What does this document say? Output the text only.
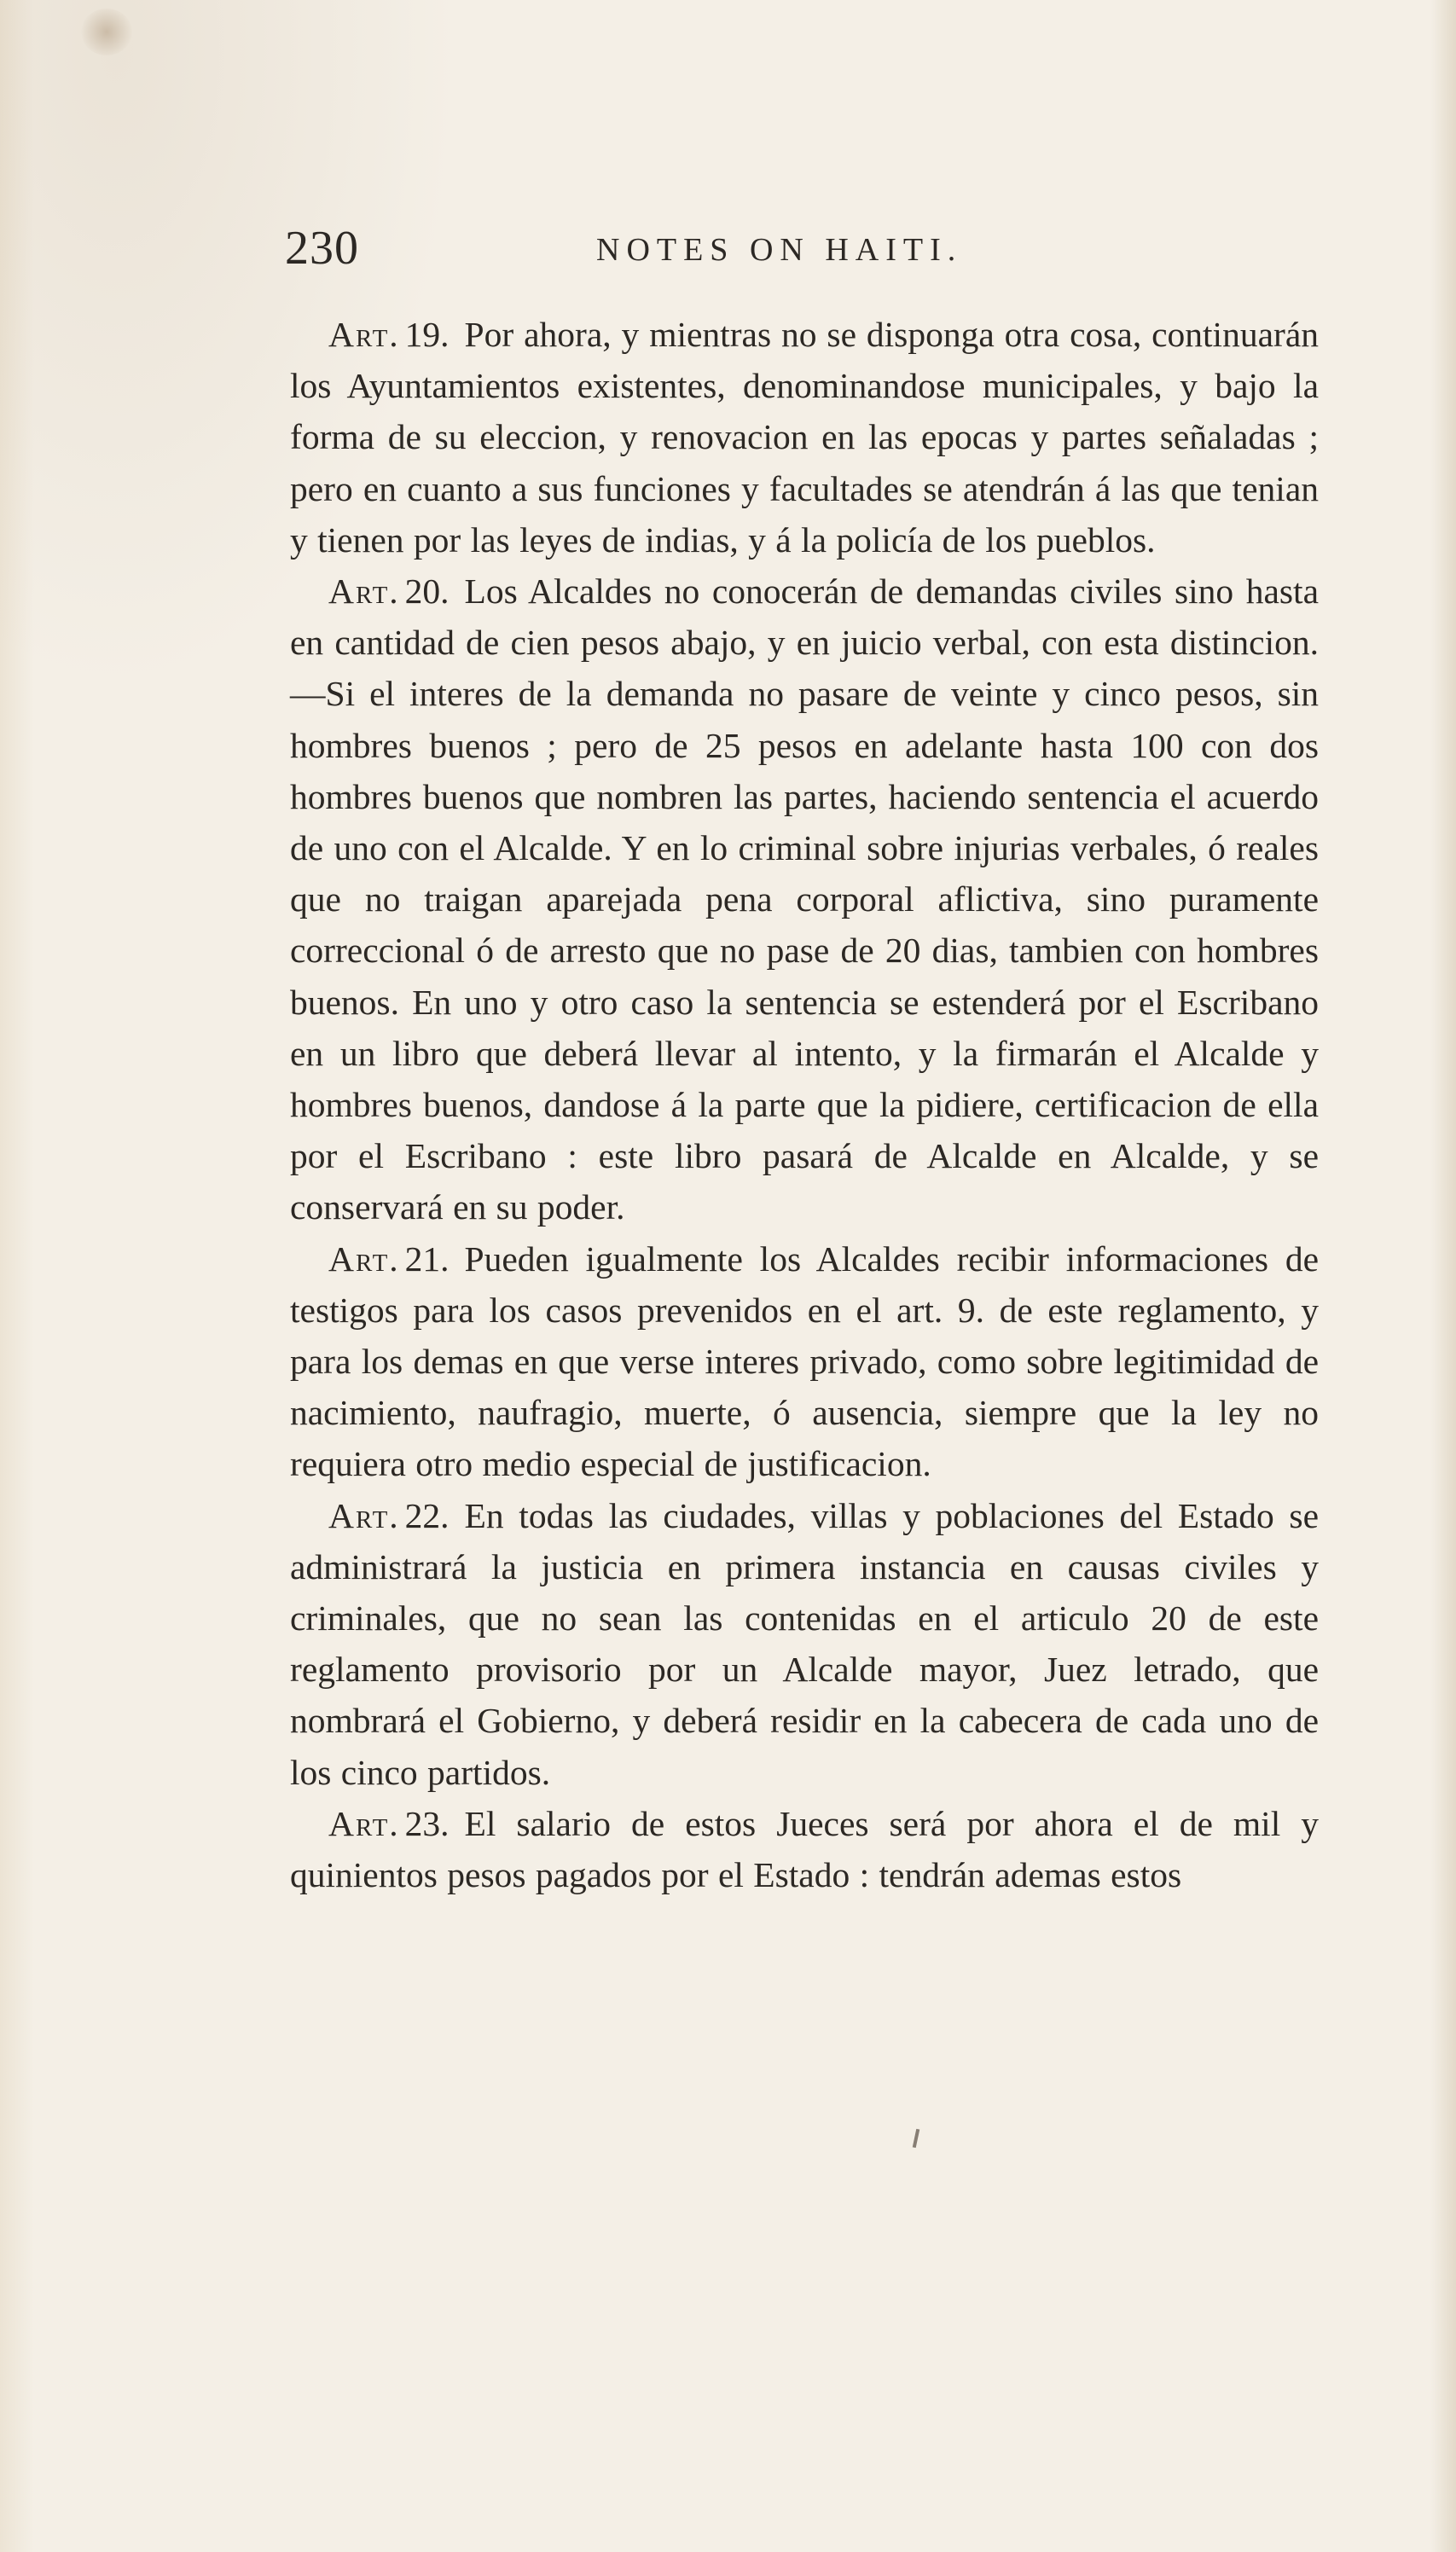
230	NOTES ON HAITI.

Art. 19. Por ahora, y mientras no se disponga otra cosa, continuarán los Ayuntamientos existentes, denominandose municipales, y bajo la forma de su eleccion, y renovacion en las epocas y partes señaladas ; pero en cuanto a sus funciones y facultades se atendrán á las que tenian y tienen por las leyes de indias, y á la policía de los pueblos.

Art. 20. Los Alcaldes no conocerán de demandas civiles sino hasta en cantidad de cien pesos abajo, y en juicio verbal, con esta distincion.—Si el interes de la demanda no pasare de veinte y cinco pesos, sin hombres buenos ; pero de 25 pesos en adelante hasta 100 con dos hombres buenos que nombren las partes, haciendo sentencia el acuerdo de uno con el Alcalde. Y en lo criminal sobre injurias verbales, ó reales que no traigan aparejada pena corporal aflictiva, sino puramente correccional ó de arresto que no pase de 20 dias, tambien con hombres buenos. En uno y otro caso la sentencia se estenderá por el Escribano en un libro que deberá llevar al intento, y la firmarán el Alcalde y hombres buenos, dandose á la parte que la pidiere, certificacion de ella por el Escribano : este libro pasará de Alcalde en Alcalde, y se conservará en su poder.

Art. 21. Pueden igualmente los Alcaldes recibir informaciones de testigos para los casos prevenidos en el art. 9. de este reglamento, y para los demas en que verse interes privado, como sobre legitimidad de nacimiento, naufragio, muerte, ó ausencia, siempre que la ley no requiera otro medio especial de justificacion.

Art. 22. En todas las ciudades, villas y poblaciones del Estado se administrará la justicia en primera instancia en causas civiles y criminales, que no sean las contenidas en el articulo 20 de este reglamento provisorio por un Alcalde mayor, Juez letrado, que nombrará el Gobierno, y deberá residir en la cabecera de cada uno de los cinco partidos.

Art. 23. El salario de estos Jueces será por ahora el de mil y quinientos pesos pagados por el Estado : tendrán ademas estos
